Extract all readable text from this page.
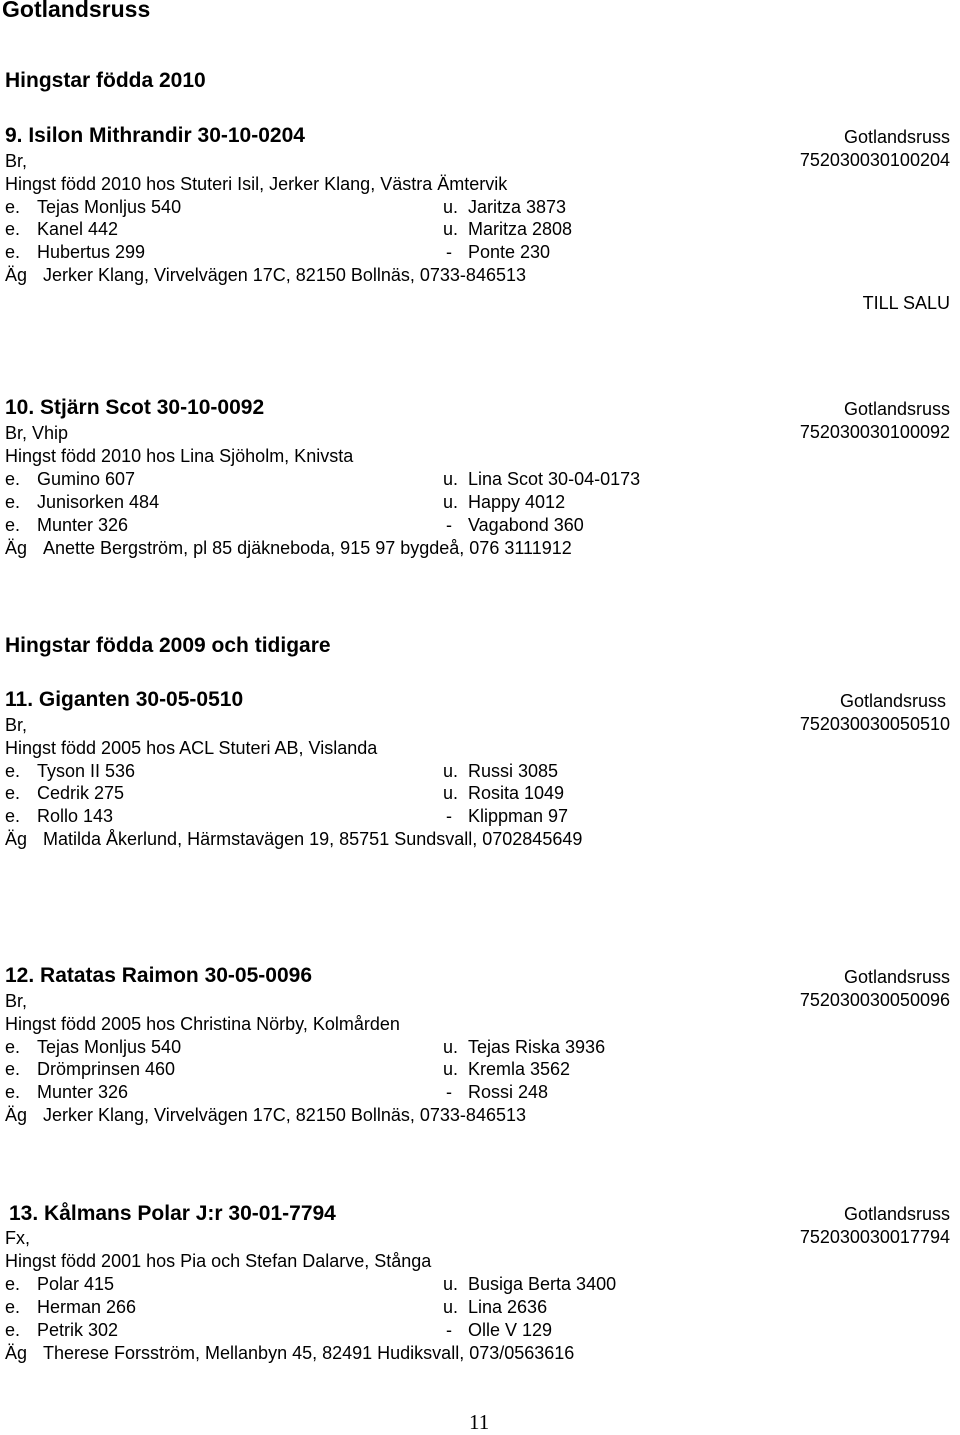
Gotlandsruss
Hingstar födda 2010
9. Isilon Mithrandir 30-10-0204	Gotlandsruss
Br,	752030030100204
Hingst född 2010 hos Stuteri Isil, Jerker Klang, Västra Ämtervik
e. Tejas Monljus 540	u. Jaritza 3873
e. Kanel 442	u. Maritza 2808
e. Hubertus 299	- Ponte 230
Äg Jerker Klang, Virvelvägen 17C, 82150 Bollnäs, 0733-846513
TILL SALU
10. Stjärn Scot 30-10-0092	Gotlandsruss
Br, Vhip	752030030100092
Hingst född 2010 hos Lina Sjöholm, Knivsta
e. Gumino 607	u. Lina Scot 30-04-0173
e. Junisorken 484	u. Happy 4012
e. Munter 326	- Vagabond 360
Äg Anette Bergström, pl 85 djäkneboda, 915 97 bygdeå, 076 3111912
Hingstar födda 2009 och tidigare
11. Giganten 30-05-0510	Gotlandsruss
Br,	752030030050510
Hingst född 2005 hos ACL Stuteri AB, Vislanda
e. Tyson II 536	u. Russi 3085
e. Cedrik 275	u. Rosita 1049
e. Rollo 143	- Klippman 97
Äg Matilda Åkerlund, Härmstavägen 19, 85751 Sundsvall, 0702845649
12. Ratatas Raimon 30-05-0096	Gotlandsruss
Br,	752030030050096
Hingst född 2005 hos Christina Nörby, Kolmården
e. Tejas Monljus 540	u. Tejas Riska 3936
e. Drömprinsen 460	u. Kremla 3562
e. Munter 326	- Rossi 248
Äg Jerker Klang, Virvelvägen 17C, 82150 Bollnäs, 0733-846513
13. Kålmans Polar J:r 30-01-7794	Gotlandsruss
Fx,	752030030017794
Hingst född 2001 hos Pia och Stefan Dalarve, Stånga
e. Polar 415	u. Busiga Berta 3400
e. Herman 266	u. Lina 2636
e. Petrik 302	- Olle V 129
Äg Therese Forsström, Mellanbyn 45, 82491 Hudiksvall, 073/0563616
11
